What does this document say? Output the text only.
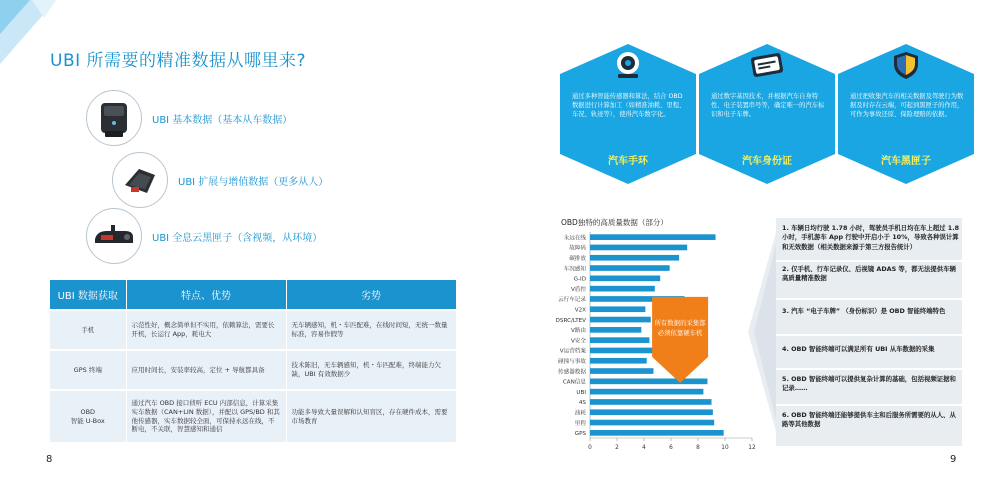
UBI 所需要的精准数据从哪里来?
UBI 基本数据（基本从车数据）
UBI 扩展与增值数据（更多从人）
UBI 全息云黑匣子（含视频，从环境）
UBI 数据获取	特点、优势	劣势
手机	示范性好，概念简单但不实用，依赖算法，需要长开机，长运行 App，耗电大	无车辆感知，机・车匹配难，在线时间短，无统一数量标准，容易作假等
GPS 终端	应用时间长，安装率较高，定位 + 导航都具备	技术陈旧，无车辆感知，机・车匹配难，终端能力欠缺，UBI 有效数据少
OBD
智能 U-Box	通过汽车 OBD 接口侦听 ECU 内部信息，计算采集实车数据（CAN+LIN 数据），并配以 GPS/BD 和其他传感器，实车数据较全面，可保持永远在线，不断电，不关联，智慧感知和通信	功能多导致大量误解和认知盲区，存在硬件成本，需要市场教育
8
通过多种智能传感器和算法，结合 OBD 数据进行计算加工（如精准油耗、里程、车况、轨迹等），使得汽车数字化。
汽车手环
通过数字基因技术，并根据汽车自身特性、电子装置串号等，确定唯一的汽车标识和电子车牌。
汽车身份证
通过把收集汽车的相关数据及驾驶行为数据及时存在云端，可起到黑匣子的作用，可作为事故还原、保险理赔的依据。
汽车黑匣子
OBD独特的高质量数据（部分）
永远在线
故障码
碳排放
车况感知
G-ID
V盾控
云行车记录
V2X
DSRC/LTEV
V路由
V安全
V运营档案
碰撞与事故
传感器数据
CAN信息
UBI
4S
油耗
里程
GPS
0	2	4	6	8	10	12
所有数据的采集都
必须依靠硬车机
1. 车辆日均行驶 1.78 小时，驾驶员手机日均在车上超过 1.8 小时，手机游车 App 行驶中开启小于 10%，导致各种误计算和无效数据（相关数据来源于第三方报告统计）
2. 仅手机、行车记录仪、后视镜 ADAS 等，都无法提供车辆高质量精准数据
3. 汽车 “电子车牌” （身份标识）是 OBD 智能终端特色
4. OBD 智能终端可以满足所有 UBI 从车数据的采集
5. OBD 智能终端可以提供复杂计算的基础，包括视频证据和记录……
6. OBD 智能终端还能够提供车主和后服务所需要的从人、从路等其他数据
9
